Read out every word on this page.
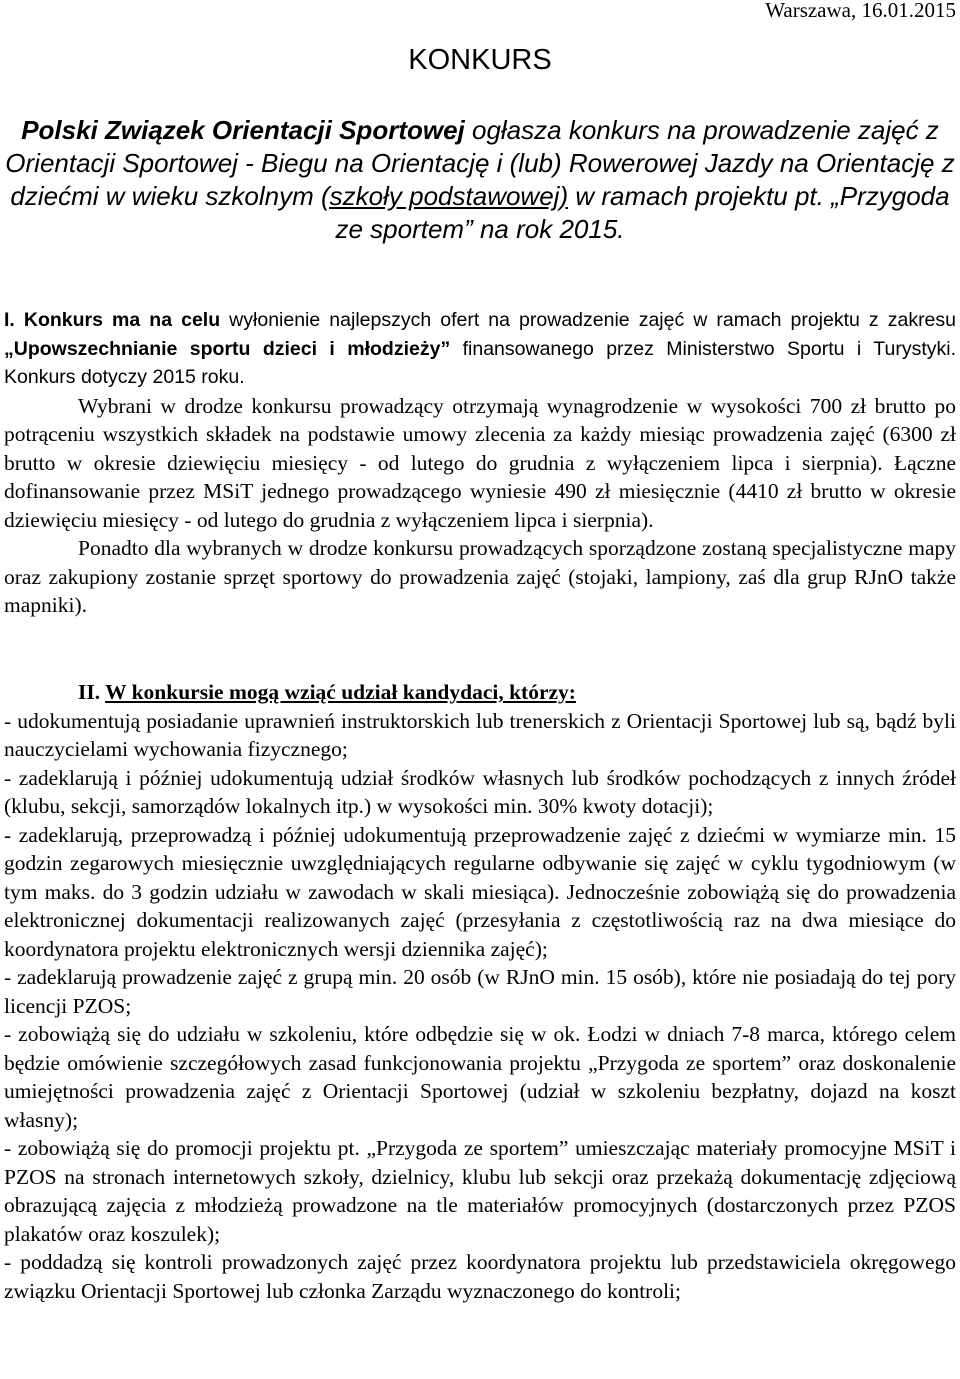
Warszawa, 16.01.2015
KONKURS
Polski Związek Orientacji Sportowej ogłasza konkurs na prowadzenie zajęć z Orientacji Sportowej - Biegu na Orientację i (lub) Rowerowej Jazdy na Orientację z dziećmi w wieku szkolnym (szkoły podstawowej) w ramach projektu pt. „Przygoda ze sportem” na rok 2015.

I. Konkurs ma na celu wyłonienie najlepszych ofert na prowadzenie zajęć w ramach projektu z zakresu „Upowszechnianie sportu dzieci i młodzieży” finansowanego przez Ministerstwo Sportu i Turystyki. Konkurs dotyczy 2015 roku.

Wybrani w drodze konkursu prowadzący otrzymają wynagrodzenie w wysokości 700 zł brutto po potrąceniu wszystkich składek na podstawie umowy zlecenia za każdy miesiąc prowadzenia zajęć (6300 zł brutto w okresie dziewięciu miesięcy - od lutego do grudnia z wyłączeniem lipca i sierpnia). Łączne dofinansowanie przez MSiT jednego prowadzącego wyniesie 490 zł miesięcznie (4410 zł brutto w okresie dziewięciu miesięcy - od lutego do grudnia z wyłączeniem lipca i sierpnia).

Ponadto dla wybranych w drodze konkursu prowadzących sporządzone zostaną specjalistyczne mapy oraz zakupiony zostanie sprzęt sportowy do prowadzenia zajęć (stojaki, lampiony, zaś dla grup RJnO także mapniki).

II. W konkursie mogą wziąć udział kandydaci, którzy:

- udokumentują posiadanie uprawnień instruktorskich lub trenerskich z Orientacji Sportowej lub są, bądź byli nauczycielami wychowania fizycznego;

- zadeklarują i później udokumentują udział środków własnych lub środków pochodzących z innych źródeł (klubu, sekcji, samorządów lokalnych itp.) w wysokości min. 30% kwoty dotacji);

- zadeklarują, przeprowadzą i później udokumentują przeprowadzenie zajęć z dziećmi w wymiarze min. 15 godzin zegarowych miesięcznie uwzględniających regularne odbywanie się zajęć w cyklu tygodniowym (w tym maks. do 3 godzin udziału w zawodach w skali miesiąca). Jednocześnie zobowiążą się do prowadzenia elektronicznej dokumentacji realizowanych zajęć (przesyłania z częstotliwością raz na dwa miesiące do koordynatora projektu elektronicznych wersji dziennika zajęć);

- zadeklarują prowadzenie zajęć z grupą min. 20 osób (w RJnO min. 15 osób), które nie posiadają do tej pory licencji PZOS;

- zobowiążą się do udziału w szkoleniu, które odbędzie się w ok. Łodzi w dniach 7-8 marca, którego celem będzie omówienie szczegółowych zasad funkcjonowania projektu „Przygoda ze sportem” oraz doskonalenie umiejętności prowadzenia zajęć z Orientacji Sportowej (udział w szkoleniu bezpłatny, dojazd na koszt własny);

- zobowiążą się do promocji projektu pt. „Przygoda ze sportem” umieszczając materiały promocyjne MSiT i PZOS na stronach internetowych szkoły, dzielnicy, klubu lub sekcji oraz przekażą dokumentację zdjęciową obrazującą zajęcia z młodzieżą prowadzone na tle materiałów promocyjnych (dostarczonych przez PZOS plakatów oraz koszulek);

- poddadzą się kontroli prowadzonych zajęć przez koordynatora projektu lub przedstawiciela okręgowego związku Orientacji Sportowej lub członka Zarządu wyznaczonego do kontroli;
